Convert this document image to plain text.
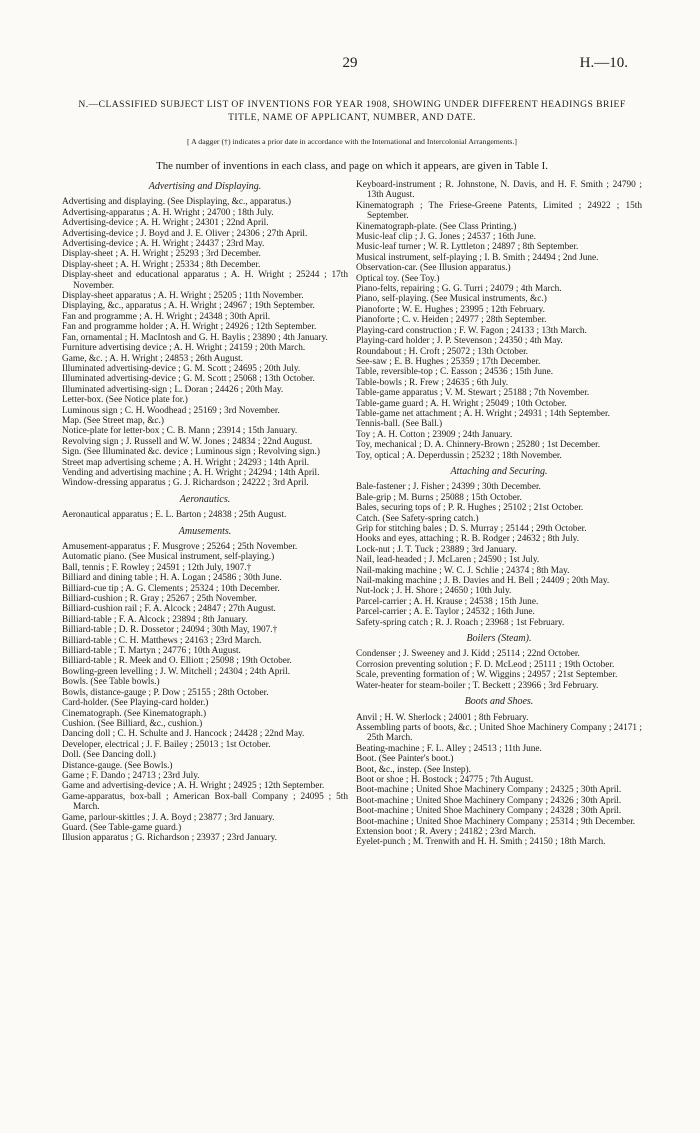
29	H.—10.
N.—CLASSIFIED SUBJECT LIST OF INVENTIONS FOR YEAR 1908, SHOWING UNDER DIFFERENT HEADINGS BRIEF TITLE, NAME OF APPLICANT, NUMBER, AND DATE.
[ A dagger (†) indicates a prior date in accordance with the International and Intercolonial Arrangements.]
The number of inventions in each class, and page on which it appears, are given in Table I.
Advertising and Displaying.
Advertising and displaying. (See Displaying, &c., apparatus.)
Advertising-apparatus ; A. H. Wright ; 24700 ; 18th July.
Advertising-device ; A. H. Wright ; 24301 ; 22nd April.
Advertising-device ; J. Boyd and J. E. Oliver ; 24306 ; 27th April.
Advertising-device ; A. H. Wright ; 24437 ; 23rd May.
Display-sheet ; A. H. Wright ; 25293 ; 3rd December.
Display-sheet ; A. H. Wright ; 25334 ; 8th December.
Display-sheet and educational apparatus ; A. H. Wright ; 25244 ; 17th November.
Display-sheet apparatus ; A. H. Wright ; 25205 ; 11th November.
Displaying, &c., apparatus ; A. H. Wright ; 24967 ; 19th September.
Fan and programme ; A. H. Wright ; 24348 ; 30th April.
Fan and programme holder ; A. H. Wright ; 24926 ; 12th September.
Fan, ornamental ; H. MacIntosh and G. H. Baylis ; 23890 ; 4th January.
Furniture advertising device ; A. H. Wright ; 24159 ; 20th March.
Game, &c. ; A. H. Wright ; 24853 ; 26th August.
Illuminated advertising-device ; G. M. Scott ; 24695 ; 20th July.
Illuminated advertising-device ; G. M. Scott ; 25068 ; 13th October.
Illuminated advertising-sign ; L. Doran ; 24426 ; 20th May.
Letter-box. (See Notice plate for.)
Luminous sign ; C. H. Woodhead ; 25169 ; 3rd November.
Map. (See Street map, &c.)
Notice-plate for letter-box ; C. B. Mann ; 23914 ; 15th January.
Revolving sign ; J. Russell and W. W. Jones ; 24834 ; 22nd August.
Sign. (See Illuminated &c. device ; Luminous sign ; Revolving sign.)
Street map advertising scheme ; A. H. Wright ; 24293 ; 14th April.
Vending and advertising machine ; A. H. Wright ; 24294 ; 14th April.
Window-dressing apparatus ; G. J. Richardson ; 24222 ; 3rd April.
Aeronautics.
Aeronautical apparatus ; E. L. Barton ; 24838 ; 25th August.
Amusements.
Amusement-apparatus ; F. Musgrove ; 25264 ; 25th November.
Automatic piano. (See Musical instrument, self-playing.)
Ball, tennis ; F. Rowley ; 24591 ; 12th July, 1907.†
Billiard and dining table ; H. A. Logan ; 24586 ; 30th June.
Billiard-cue tip ; A. G. Clements ; 25324 ; 10th December.
Billiard-cushion ; R. Gray ; 25267 ; 25th November.
Billiard-cushion rail ; F. A. Alcock ; 24847 ; 27th August.
Billiard-table ; F. A. Alcock ; 23894 ; 8th January.
Billiard-table ; D. R. Dossetor ; 24094 ; 30th May, 1907.†
Billiard-table ; C. H. Matthews ; 24163 ; 23rd March.
Billiard-table ; T. Martyn ; 24776 ; 10th August.
Billiard-table ; R. Meek and O. Elliott ; 25098 ; 19th October.
Bowling-green levelling ; J. W. Mitchell ; 24304 ; 24th April.
Bowls. (See Table bowls.)
Bowls, distance-gauge ; P. Dow ; 25155 ; 28th October.
Card-holder. (See Playing-card holder.)
Cinematograph. (See Kinematograph.)
Cushion. (See Billiard, &c., cushion.)
Dancing doll ; C. H. Schulte and J. Hancock ; 24428 ; 22nd May.
Developer, electrical ; J. F. Bailey ; 25013 ; 1st October.
Doll. (See Dancing doll.)
Distance-gauge. (See Bowls.)
Game ; F. Dando ; 24713 ; 23rd July.
Game and advertising-device ; A. H. Wright ; 24925 ; 12th September.
Game-apparatus, box-ball ; American Box-ball Company ; 24095 ; 5th March.
Game, parlour-skittles ; J. A. Boyd ; 23877 ; 3rd January.
Guard. (See Table-game guard.)
Illusion apparatus ; G. Richardson ; 23937 ; 23rd January.
Keyboard-instrument ; R. Johnstone, N. Davis, and H. F. Smith ; 24790 ; 13th August.
Kinematograph ; The Friese-Greene Patents, Limited ; 24922 ; 15th September.
Kinematograph-plate. (See Class Printing.)
Music-leaf clip ; J. G. Jones ; 24537 ; 16th June.
Music-leaf turner ; W. R. Lyttleton ; 24897 ; 8th September.
Musical instrument, self-playing ; I. B. Smith ; 24494 ; 2nd June.
Observation-car. (See Illusion apparatus.)
Optical toy. (See Toy.)
Piano-felts, repairing ; G. G. Turri ; 24079 ; 4th March.
Piano, self-playing. (See Musical instruments, &c.)
Pianoforte ; W. E. Hughes ; 23995 ; 12th February.
Pianoforte ; C. v. Heiden ; 24977 ; 28th September.
Playing-card construction ; F. W. Fagon ; 24133 ; 13th March.
Playing-card holder ; J. P. Stevenson ; 24350 ; 4th May.
Roundabout ; H. Croft ; 25072 ; 13th October.
See-saw ; E. B. Hughes ; 25359 ; 17th December.
Table, reversible-top ; C. Easson ; 24536 ; 15th June.
Table-bowls ; R. Frew ; 24635 ; 6th July.
Table-game apparatus ; V. M. Stewart ; 25188 ; 7th November.
Table-game guard ; A. H. Wright ; 25049 ; 10th October.
Table-game net attachment ; A. H. Wright ; 24931 ; 14th September.
Tennis-ball. (See Ball.)
Toy ; A. H. Cotton ; 23909 ; 24th January.
Toy, mechanical ; D. A. Chinnery-Brown ; 25280 ; 1st December.
Toy, optical ; A. Deperdussin ; 25232 ; 18th November.
Attaching and Securing.
Bale-fastener ; J. Fisher ; 24399 ; 30th December.
Bale-grip ; M. Burns ; 25088 ; 15th October.
Bales, securing tops of ; P. R. Hughes ; 25102 ; 21st October.
Catch. (See Safety-spring catch.)
Grip for stitching bales ; D. S. Murray ; 25144 ; 29th October.
Hooks and eyes, attaching ; R. B. Rodger ; 24632 ; 8th July.
Lock-nut ; J. T. Tuck ; 23889 ; 3rd January.
Nail, lead-headed ; J. McLaren ; 24590 ; 1st July.
Nail-making machine ; W. C. J. Schlie ; 24374 ; 8th May.
Nail-making machine ; J. B. Davies and H. Bell ; 24409 ; 20th May.
Nut-lock ; J. H. Shore ; 24650 ; 10th July.
Parcel-carrier ; A. H. Krause ; 24538 ; 15th June.
Parcel-carrier ; A. E. Taylor ; 24532 ; 16th June.
Safety-spring catch ; R. J. Roach ; 23968 ; 1st February.
Boilers (Steam).
Condenser ; J. Sweeney and J. Kidd ; 25114 ; 22nd October.
Corrosion preventing solution ; F. D. McLeod ; 25111 ; 19th October.
Scale, preventing formation of ; W. Wiggins ; 24957 ; 21st September.
Water-heater for steam-boiler ; T. Beckett ; 23966 ; 3rd February.
Boots and Shoes.
Anvil ; H. W. Sherlock ; 24001 ; 8th February.
Assembling parts of boots, &c. ; United Shoe Machinery Company ; 24171 ; 25th March.
Beating-machine ; F. L. Alley ; 24513 ; 11th June.
Boot. (See Painter's boot.)
Boot, &c., instep. (See Instep).
Boot or shoe ; H. Bostock ; 24775 ; 7th August.
Boot-machine ; United Shoe Machinery Company ; 24325 ; 30th April.
Boot-machine ; United Shoe Machinery Company ; 24326 ; 30th April.
Boot-machine ; United Shoe Machinery Company ; 24328 ; 30th April.
Boot-machine ; United Shoe Machinery Company ; 25314 ; 9th December.
Extension boot ; R. Avery ; 24182 ; 23rd March.
Eyelet-punch ; M. Trenwith and H. H. Smith ; 24150 ; 18th March.
